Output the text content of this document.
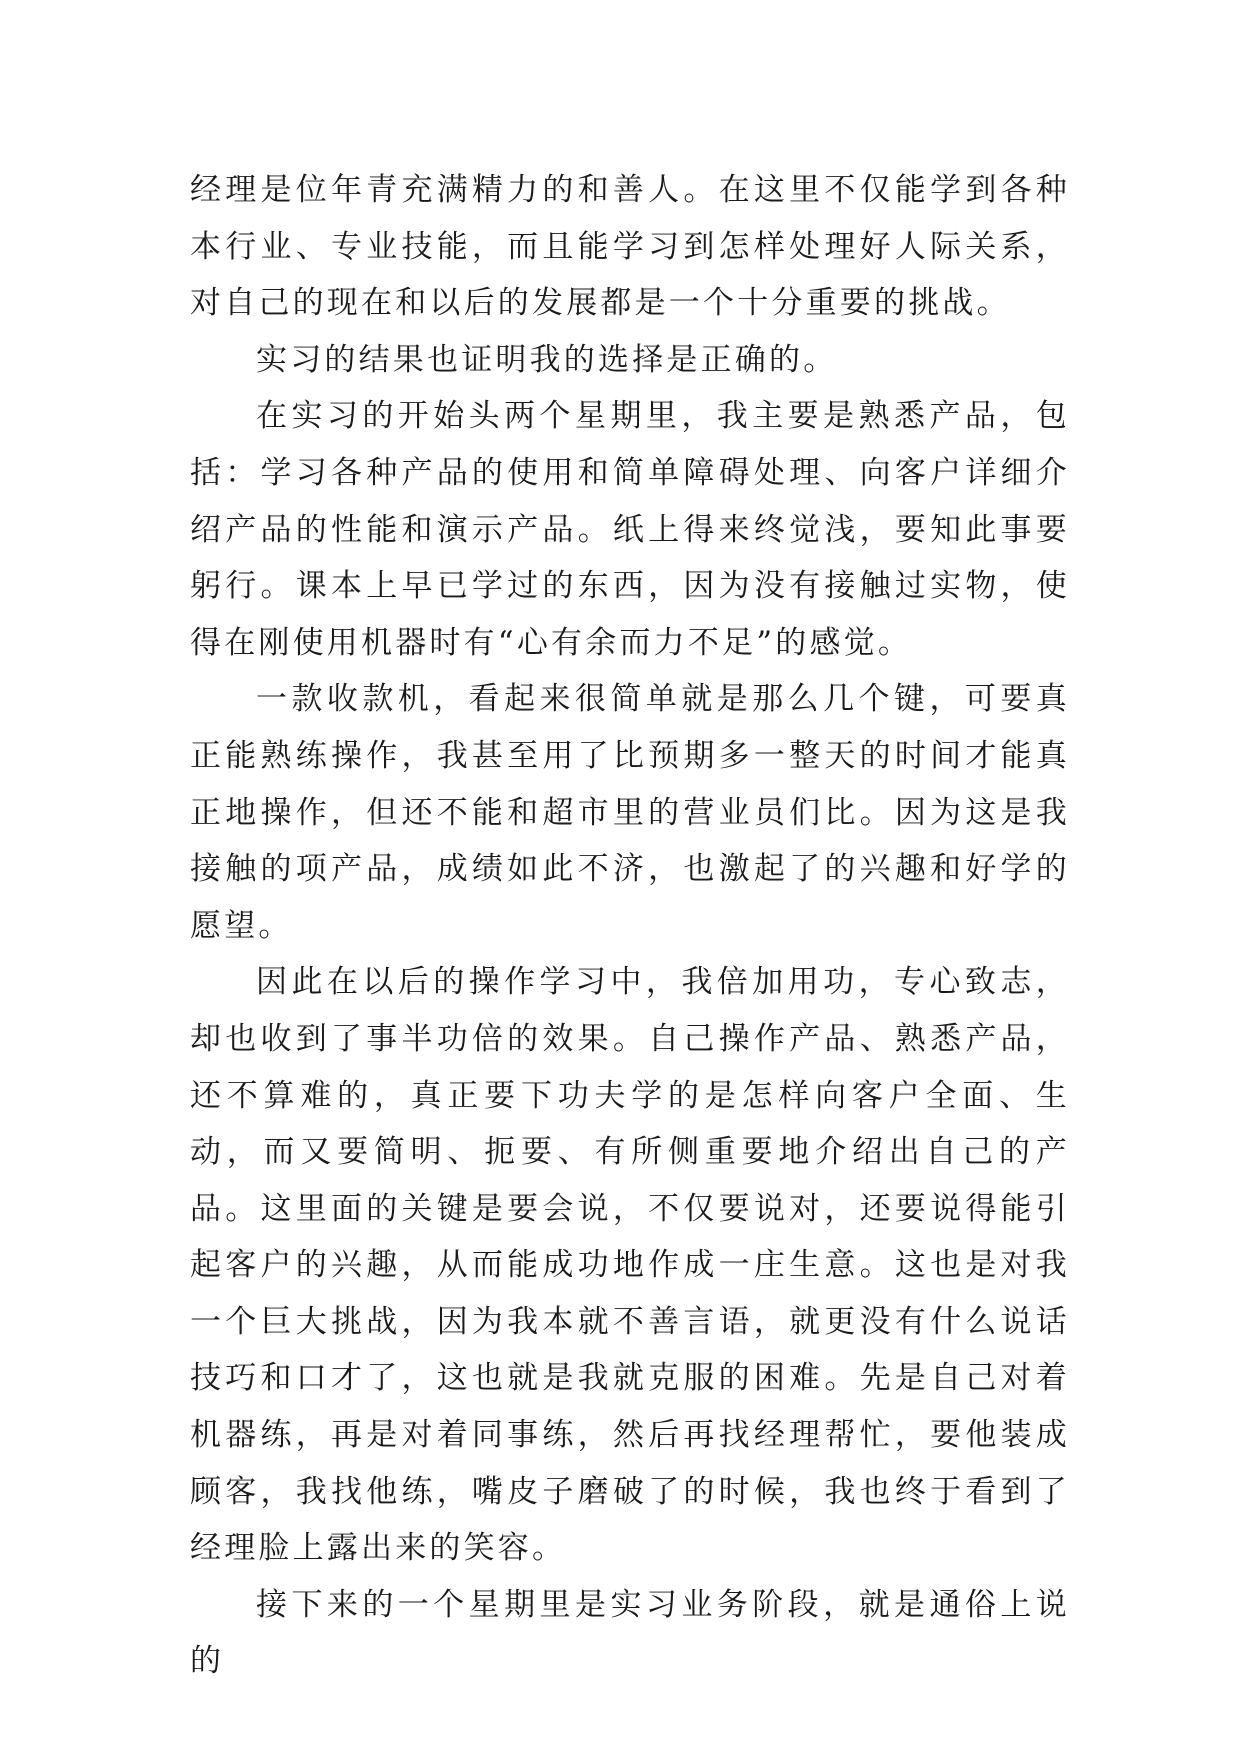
经理是位年青充满精力的和善人。在这里不仅能学到各种本行业、专业技能，而且能学习到怎样处理好人际关系，对自己的现在和以后的发展都是一个十分重要的挑战。

实习的结果也证明我的选择是正确的。

在实习的开始头两个星期里，我主要是熟悉产品，包括：学习各种产品的使用和简单障碍处理、向客户详细介绍产品的性能和演示产品。纸上得来终觉浅，要知此事要躬行。课本上早已学过的东西，因为没有接触过实物，使得在刚使用机器时有“心有余而力不足”的感觉。

一款收款机，看起来很简单就是那么几个键，可要真正能熟练操作，我甚至用了比预期多一整天的时间才能真正地操作，但还不能和超市里的营业员们比。因为这是我接触的项产品，成绩如此不济，也激起了的兴趣和好学的愿望。

因此在以后的操作学习中，我倍加用功，专心致志，却也收到了事半功倍的效果。自己操作产品、熟悉产品，还不算难的，真正要下功夫学的是怎样向客户全面、生动，而又要简明、扼要、有所侧重要地介绍出自己的产品。这里面的关键是要会说，不仅要说对，还要说得能引起客户的兴趣，从而能成功地作成一庄生意。这也是对我一个巨大挑战，因为我本就不善言语，就更没有什么说话技巧和口才了，这也就是我就克服的困难。先是自己对着机器练，再是对着同事练，然后再找经理帮忙，要他装成顾客，我找他练，嘴皮子磨破了的时候，我也终于看到了经理脸上露出来的笑容。

接下来的一个星期里是实习业务阶段，就是通俗上说的
